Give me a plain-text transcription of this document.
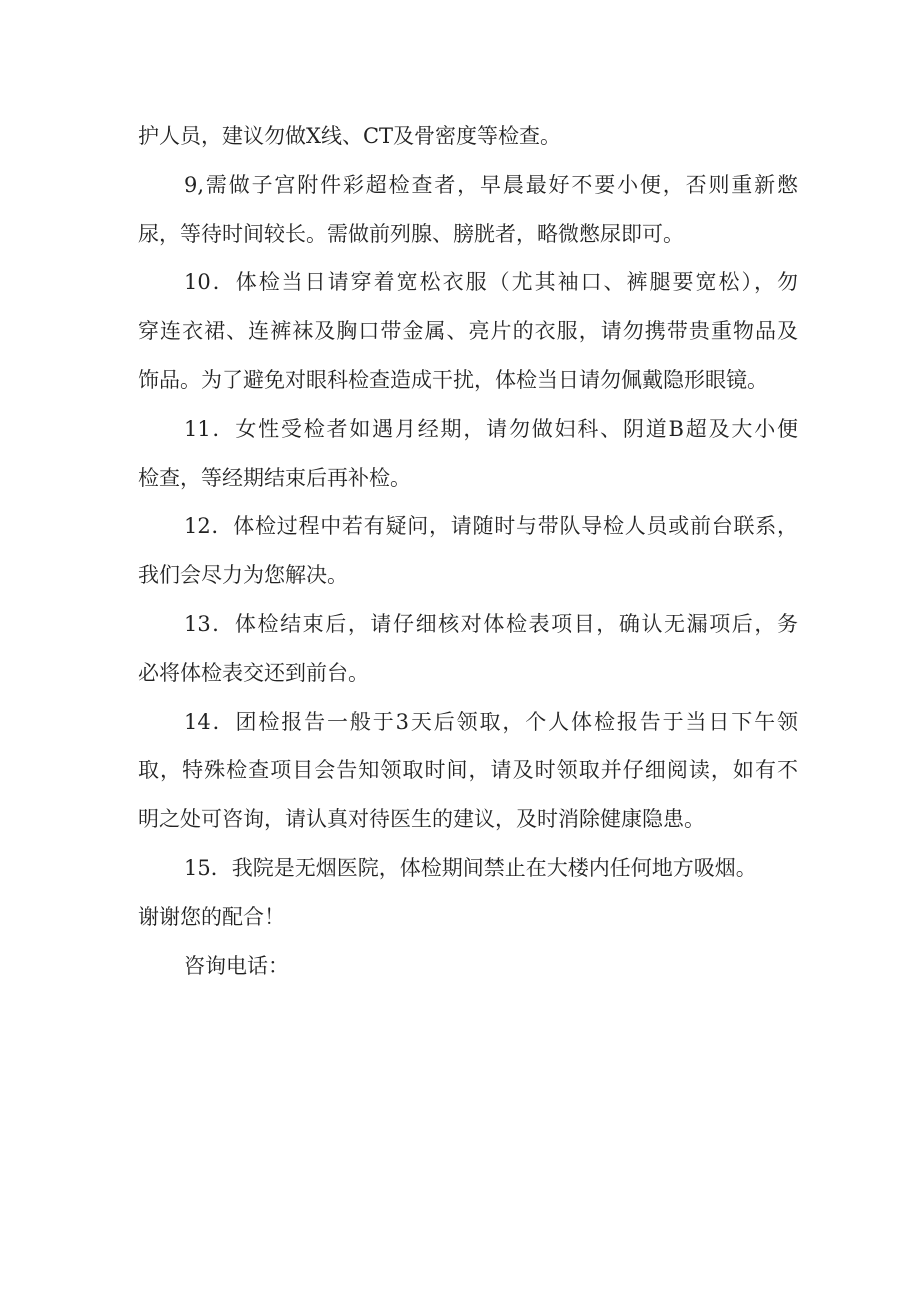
护人员，建议勿做X线、CT及骨密度等检查。
9,需做子宫附件彩超检查者，早晨最好不要小便，否则重新憋
尿，等待时间较长。需做前列腺、膀胱者，略微憋尿即可。
10．体检当日请穿着宽松衣服（尤其袖口、裤腿要宽松），勿
穿连衣裙、连裤袜及胸口带金属、亮片的衣服，请勿携带贵重物品及
饰品。为了避免对眼科检查造成干扰，体检当日请勿佩戴隐形眼镜。
11．女性受检者如遇月经期，请勿做妇科、阴道B超及大小便
检查，等经期结束后再补检。
12．体检过程中若有疑问，请随时与带队导检人员或前台联系，
我们会尽力为您解决。
13．体检结束后，请仔细核对体检表项目，确认无漏项后，务
必将体检表交还到前台。
14．团检报告一般于3天后领取，个人体检报告于当日下午领
取，特殊检查项目会告知领取时间，请及时领取并仔细阅读，如有不
明之处可咨询，请认真对待医生的建议，及时消除健康隐患。
15．我院是无烟医院，体检期间禁止在大楼内任何地方吸烟。
谢谢您的配合！
咨询电话：
